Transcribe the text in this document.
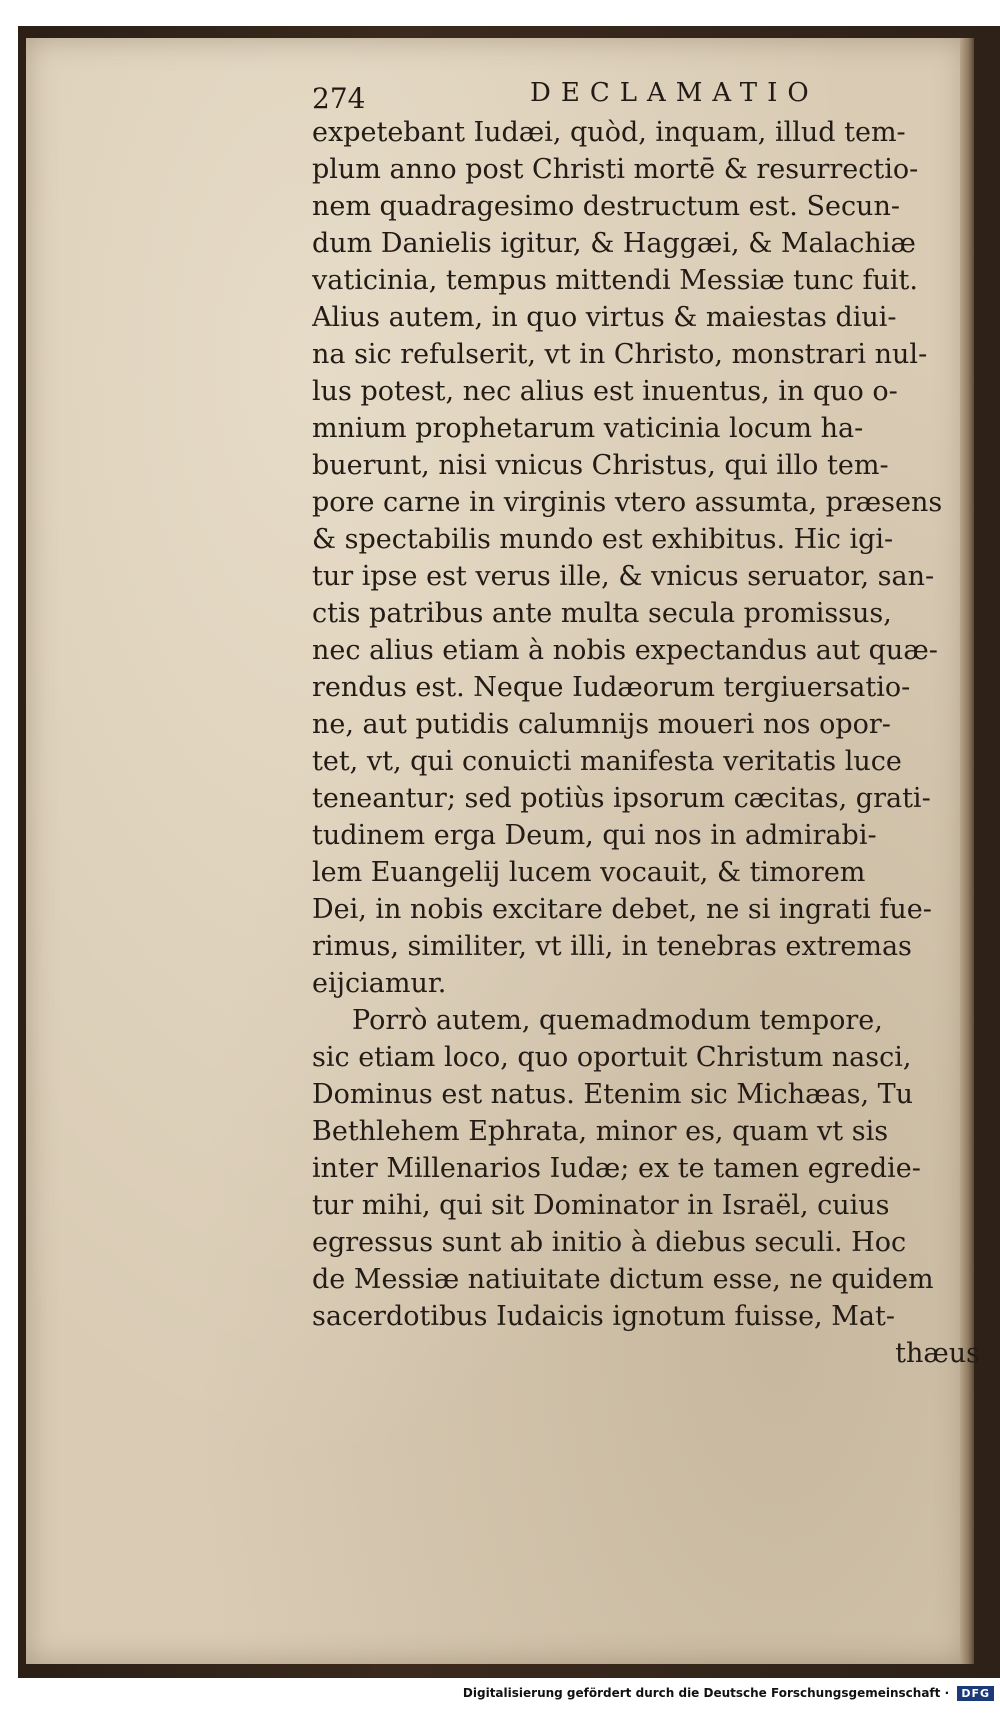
274	DECLAMATIO
expetebant Iudæi, quòd, inquam, illud tem-
plum anno post Christi mortē & resurrectio-
nem quadragesimo destructum est. Secun-
dum Danielis igitur, & Haggæi, & Malachiæ
vaticinia, tempus mittendi Messiæ tunc fuit.
Alius autem, in quo virtus & maiestas diui-
na sic refulserit, vt in Christo, monstrari nul-
lus potest, nec alius est inuentus, in quo o-
mnium prophetarum vaticinia locum ha-
buerunt, nisi vnicus Christus, qui illo tem-
pore carne in virginis vtero assumta, præsens
& spectabilis mundo est exhibitus. Hic igi-
tur ipse est verus ille, & vnicus seruator, san-
ctis patribus ante multa secula promissus,
nec alius etiam à nobis expectandus aut quæ-
rendus est. Neque Iudæorum tergiuersatio-
ne, aut putidis calumnijs moueri nos opor-
tet, vt, qui conuicti manifesta veritatis luce
teneantur; sed potiùs ipsorum cæcitas, grati-
tudinem erga Deum, qui nos in admirabi-
lem Euangelij lucem vocauit, & timorem
Dei, in nobis excitare debet, ne si ingrati fue-
rimus, similiter, vt illi, in tenebras extremas
eijciamur.
Porrò autem, quemadmodum tempore,
sic etiam loco, quo oportuit Christum nasci,
Dominus est natus. Etenim sic Michæas, Tu
Bethlehem Ephrata, minor es, quam vt sis
inter Millenarios Iudæ; ex te tamen egredie-
tur mihi, qui sit Dominator in Israël, cuius
egressus sunt ab initio à diebus seculi. Hoc
de Messiæ natiuitate dictum esse, ne quidem
sacerdotibus Iudaicis ignotum fuisse, Mat-
thæus
Digitalisierung gefördert durch die Deutsche Forschungsgemeinschaft · DFG
